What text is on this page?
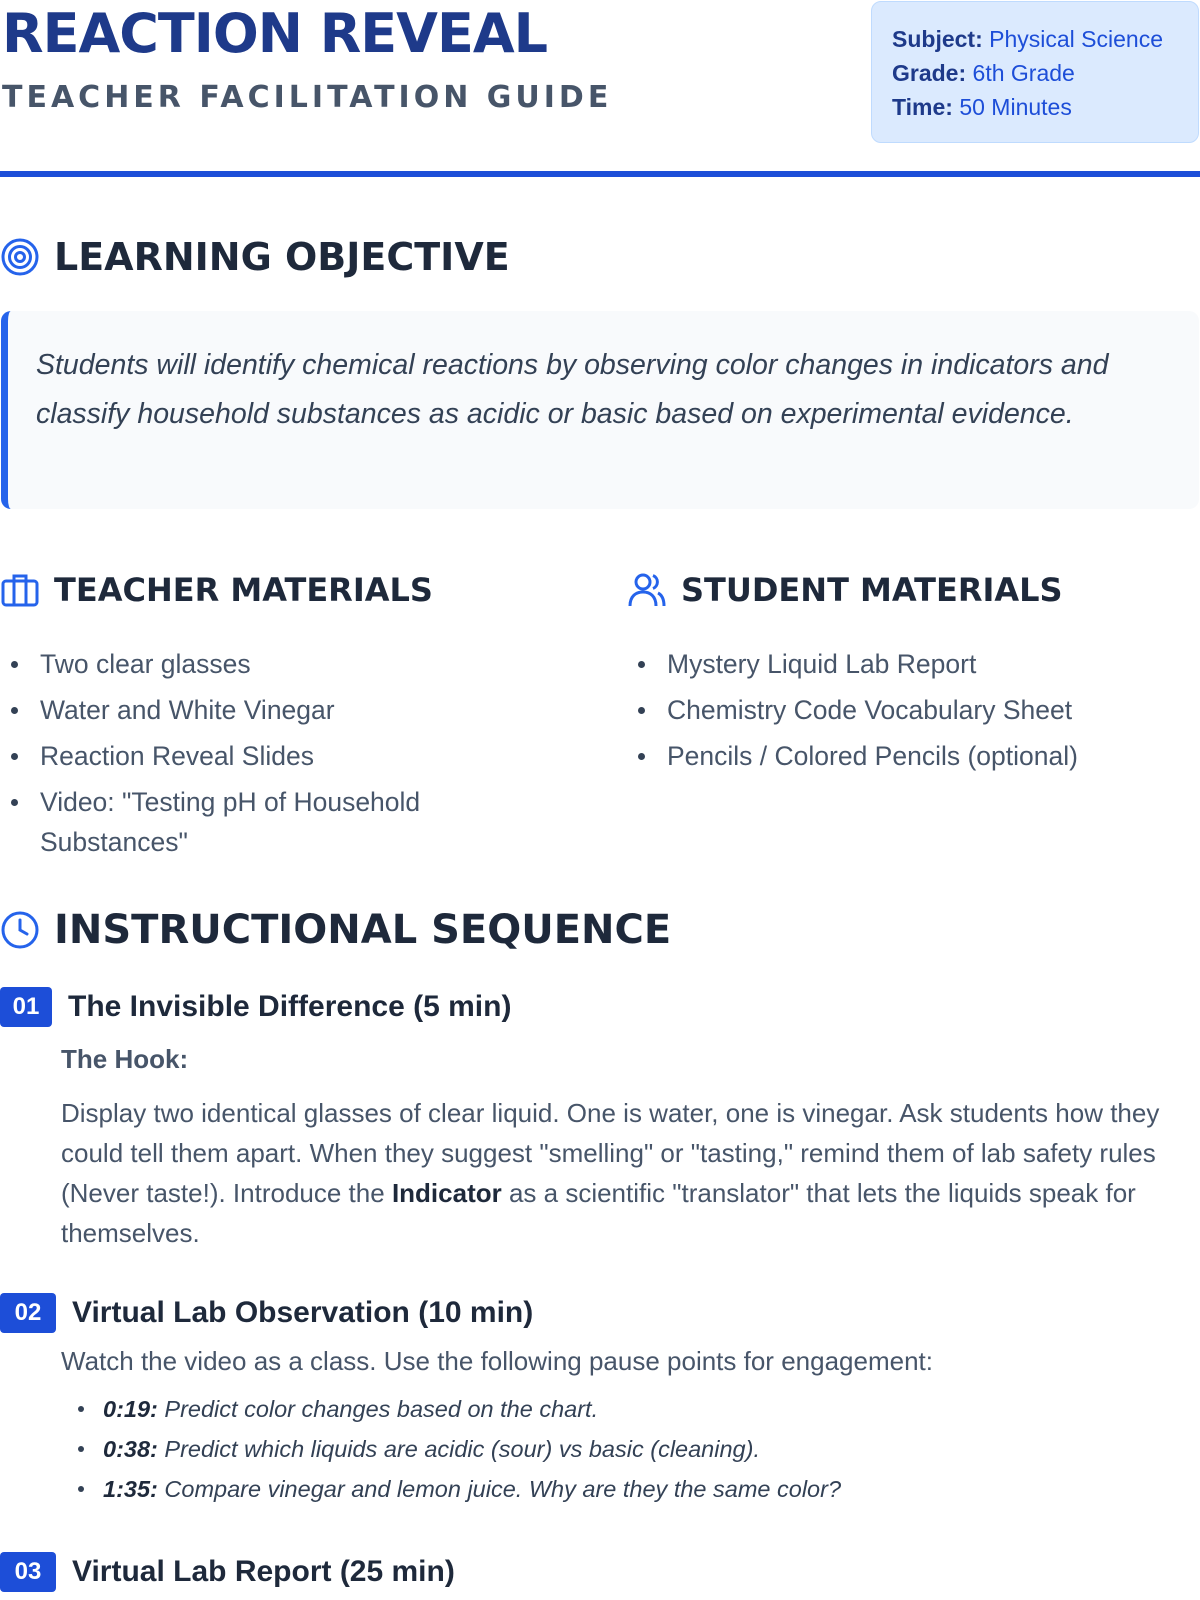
REACTION REVEAL
TEACHER FACILITATION GUIDE
Subject: Physical Science
Grade: 6th Grade
Time: 50 Minutes
LEARNING OBJECTIVE

Students will identify chemical reactions by observing color changes in indicators and classify household substances as acidic or basic based on experimental evidence.

TEACHER MATERIALS
Two clear glasses
Water and White Vinegar
Reaction Reveal Slides
Video: "Testing pH of Household Substances"
STUDENT MATERIALS
Mystery Liquid Lab Report
Chemistry Code Vocabulary Sheet
Pencils / Colored Pencils (optional)
INSTRUCTIONAL SEQUENCE
01 The Invisible Difference (5 min)
The Hook:

Display two identical glasses of clear liquid. One is water, one is vinegar. Ask students how they could tell them apart. When they suggest "smelling" or "tasting," remind them of lab safety rules (Never taste!). Introduce the Indicator as a scientific "translator" that lets the liquids speak for themselves.

02	Virtual Lab Observation (10 min)

Watch the video as a class. Use the following pause points for engagement:

0:19: Predict color changes based on the chart.
0:38: Predict which liquids are acidic (sour) vs basic (cleaning).
1:35: Compare vinegar and lemon juice. Why are they the same color?
03	Virtual Lab Report (25 min)
